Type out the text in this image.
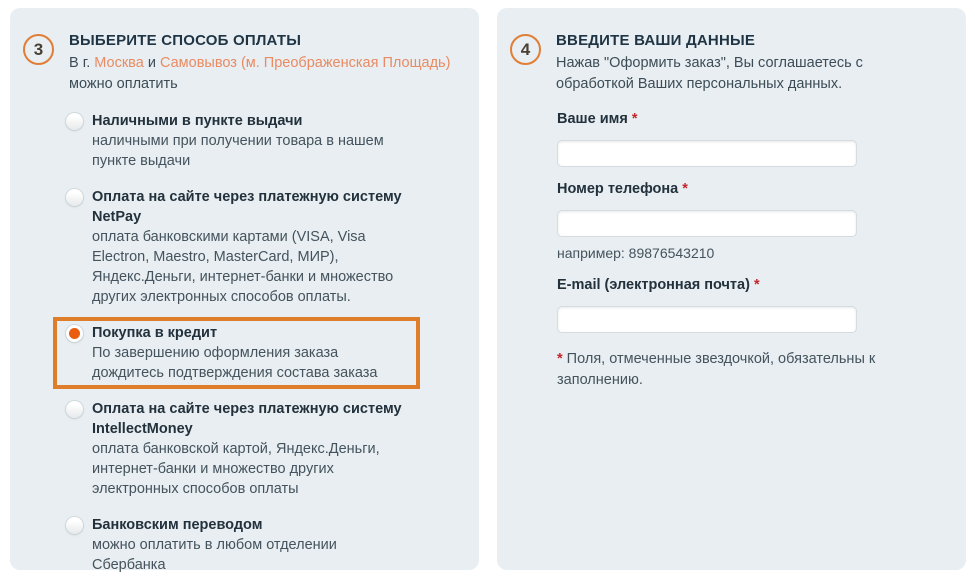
3 ВЫБЕРИТЕ СПОСОБ ОПЛАТЫ

В г. Москва и Самовывоз (м. Преображенская Площадь) можно оплатить

Наличными в пункте выдачи
наличными при получении товара в нашем пункте выдачи
Оплата на сайте через платежную систему NetPay
оплата банковскими картами (VISA, Visa Electron, Maestro, MasterCard, МИР), Яндекс.Деньги, интернет-банки и множество других электронных способов оплаты.
Покупка в кредит
По завершению оформления заказа дождитесь подтверждения состава заказа
Оплата на сайте через платежную систему IntellectMoney
оплата банковской картой, Яндекс.Деньги, интернет-банки и множество других электронных способов оплаты
Банковским переводом
можно оплатить в любом отделении Сбербанка
4 ВВЕДИТЕ ВАШИ ДАННЫЕ

Нажав "Оформить заказ", Вы соглашаетесь с обработкой Ваших персональных данных.

Ваше имя *
Номер телефона *
например: 89876543210
E-mail (электронная почта) *

* Поля, отмеченные звездочкой, обязательны к заполнению.
